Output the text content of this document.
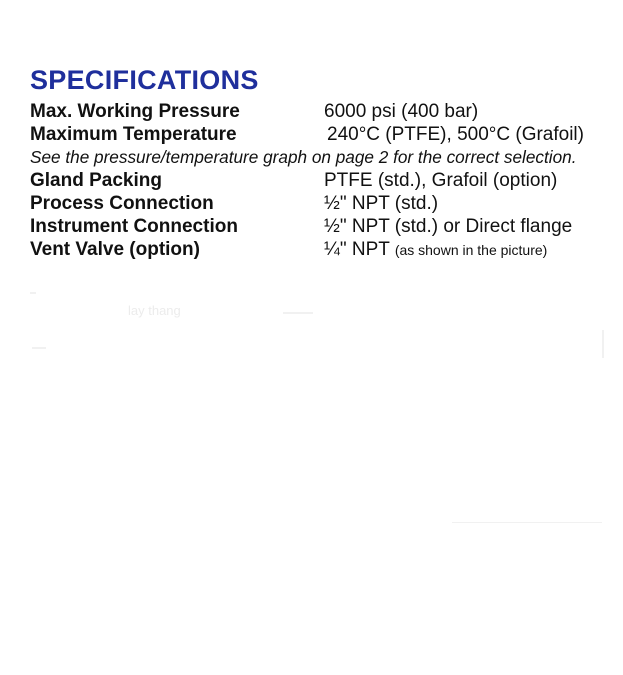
SPECIFICATIONS
Max. Working Pressure	6000 psi (400 bar)
Maximum Temperature	240°C (PTFE), 500°C (Grafoil)
See the pressure/temperature graph on page 2 for the correct selection.
Gland Packing	PTFE (std.), Grafoil (option)
Process Connection	½" NPT (std.)
Instrument Connection	½" NPT (std.) or Direct flange
Vent Valve (option)	¼" NPT (as shown in the picture)
lay thang
